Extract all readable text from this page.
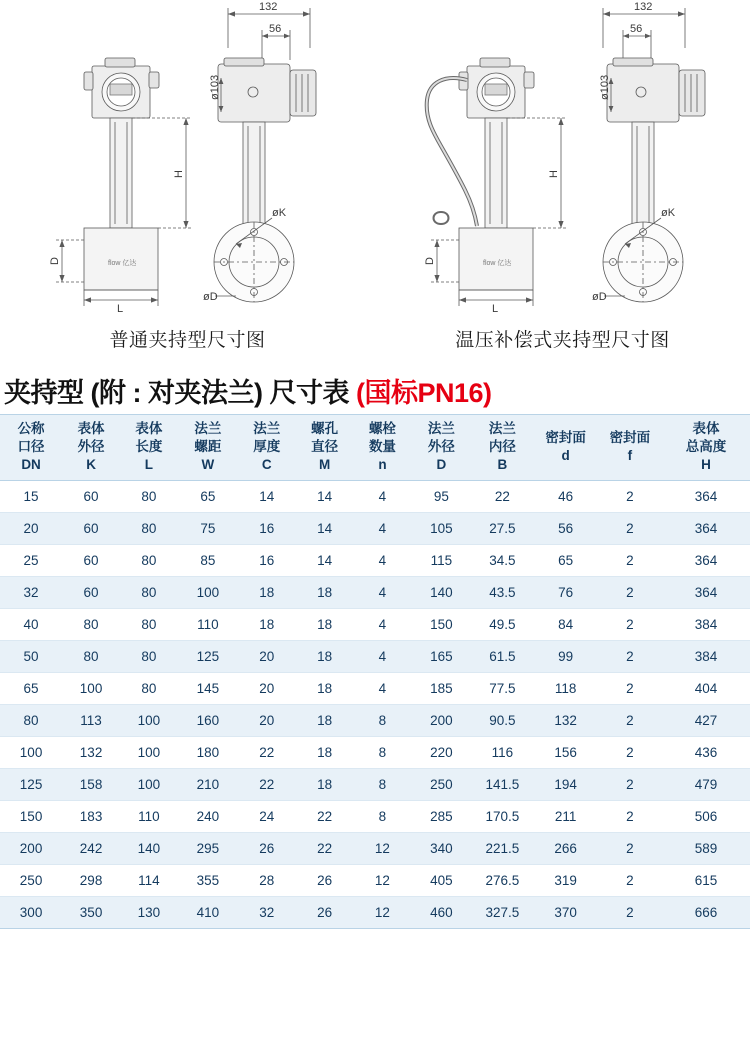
flow 亿达
132
56
ø103
H
D
L
øK
øD
flow 亿达
132
56
ø103
H
D
L
øK
øD
普通夹持型尺寸图	温压补偿式夹持型尺寸图
夹持型 (附 : 对夹法兰) 尺寸表 (国标PN16)
公称
口径
DN	表体
外径
K	表体
长度
L	法兰
螺距
W	法兰
厚度
C	螺孔
直径
M	螺栓
数量
n	法兰
外径
D	法兰
内径
B	密封面
d	密封面
f	表体
总高度
H

15	60	80	65	14	14	4	95	22	46	2	364
20	60	80	75	16	14	4	105	27.5	56	2	364
25	60	80	85	16	14	4	115	34.5	65	2	364
32	60	80	100	18	18	4	140	43.5	76	2	364
40	80	80	110	18	18	4	150	49.5	84	2	384
50	80	80	125	20	18	4	165	61.5	99	2	384
65	100	80	145	20	18	4	185	77.5	118	2	404
80	113	100	160	20	18	8	200	90.5	132	2	427
100	132	100	180	22	18	8	220	116	156	2	436
125	158	100	210	22	18	8	250	141.5	194	2	479
150	183	110	240	24	22	8	285	170.5	211	2	506
200	242	140	295	26	22	12	340	221.5	266	2	589
250	298	114	355	28	26	12	405	276.5	319	2	615
300	350	130	410	32	26	12	460	327.5	370	2	666
